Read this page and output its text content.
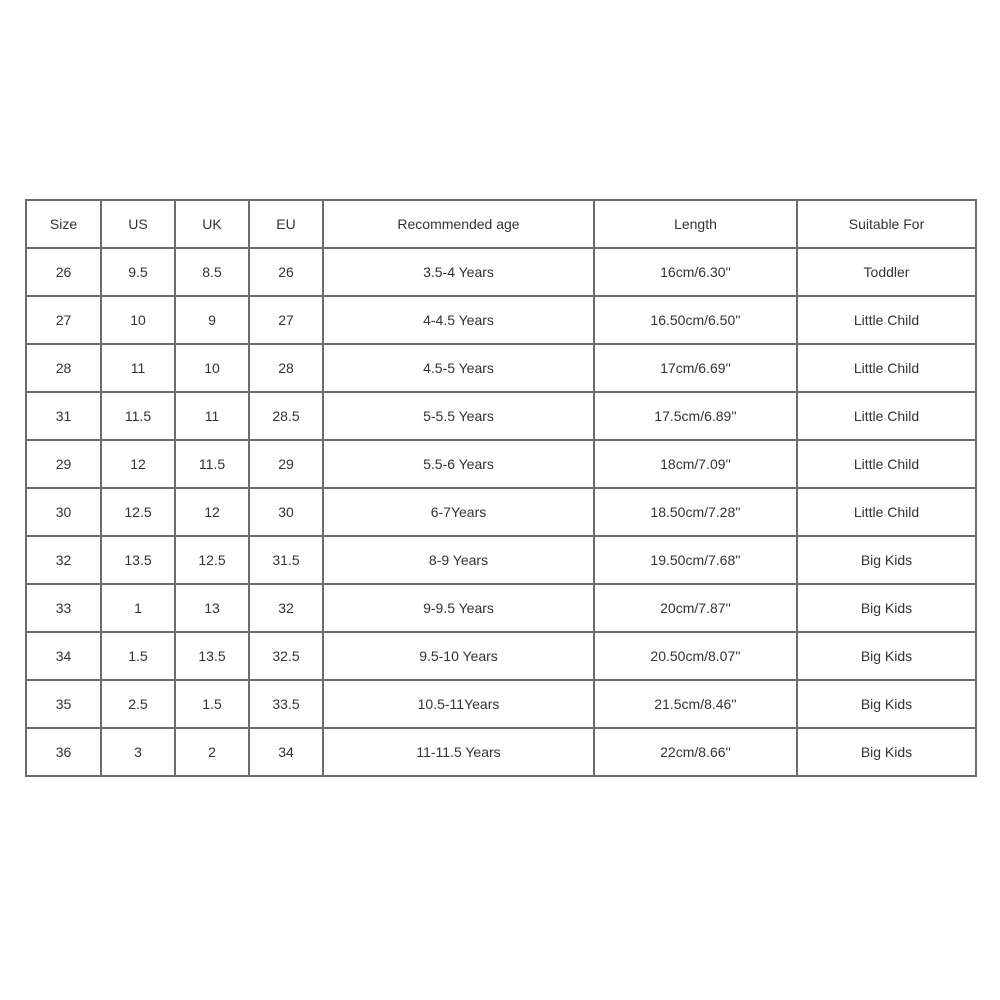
Size	US	UK	EU	Recommended age	Length	Suitable For
26	9.5	8.5	26	3.5-4 Years	16cm/6.30''	Toddler
27	10	9	27	4-4.5 Years	16.50cm/6.50''	Little Child
28	11	10	28	4.5-5 Years	17cm/6.69''	Little Child
31	11.5	11	28.5	5-5.5 Years	17.5cm/6.89''	Little Child
29	12	11.5	29	5.5-6 Years	18cm/7.09''	Little Child
30	12.5	12	30	6-7Years	18.50cm/7.28''	Little Child
32	13.5	12.5	31.5	8-9 Years	19.50cm/7.68''	Big Kids
33	1	13	32	9-9.5 Years	20cm/7.87''	Big Kids
34	1.5	13.5	32.5	9.5-10 Years	20.50cm/8.07''	Big Kids
35	2.5	1.5	33.5	10.5-11Years	21.5cm/8.46''	Big Kids
36	3	2	34	11-11.5 Years	22cm/8.66''	Big Kids
